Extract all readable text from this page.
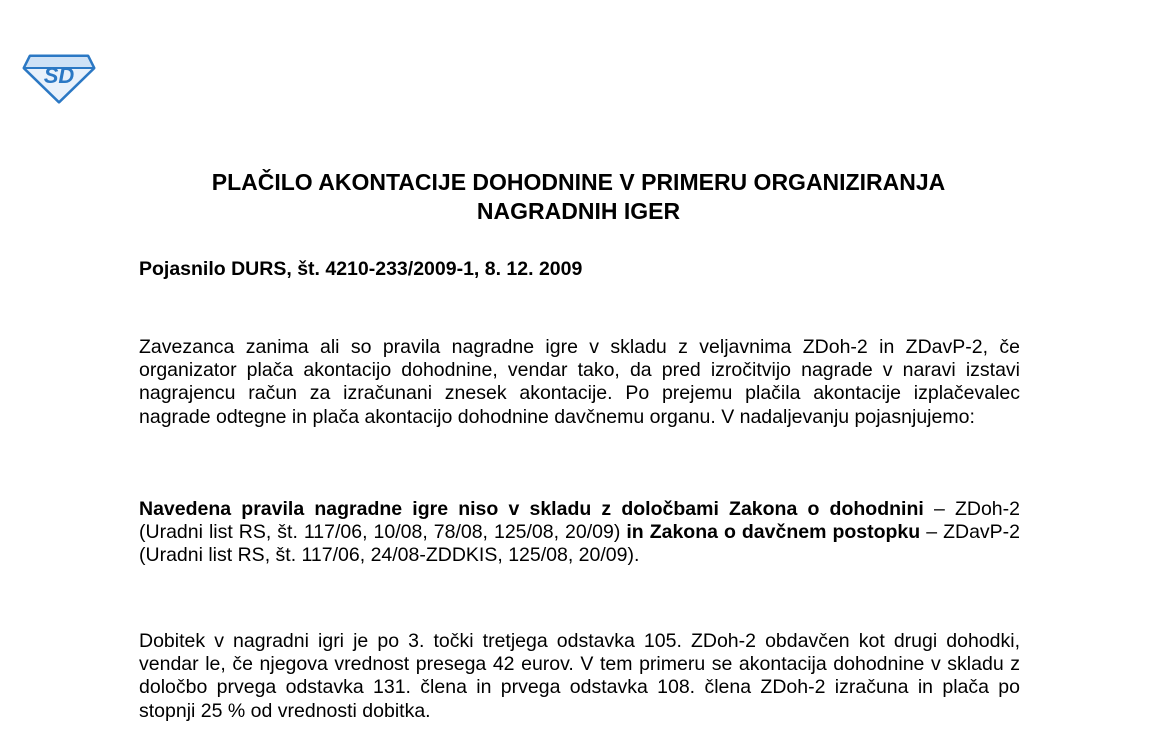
SD
PLAČILO AKONTACIJE DOHODNINE V PRIMERU ORGANIZIRANJA
NAGRADNIH IGER

Pojasnilo DURS, št. 4210-233/2009-1, 8. 12. 2009

Zavezanca zanima ali so pravila nagradne igre v skladu z veljavnima ZDoh-2 in ZDavP-2, če organizator plača akontacijo dohodnine, vendar tako, da pred izročitvijo nagrade v naravi izstavi nagrajencu račun za izračunani znesek akontacije. Po prejemu plačila akontacije izplačevalec nagrade odtegne in plača akontacijo dohodnine davčnemu organu. V nadaljevanju pojasnjujemo:

Navedena pravila nagradne igre niso v skladu z določbami Zakona o dohodnini – ZDoh-2 (Uradni list RS, št. 117/06, 10/08, 78/08, 125/08, 20/09) in Zakona o davčnem postopku – ZDavP-2 (Uradni list RS, št. 117/06, 24/08-ZDDKIS, 125/08, 20/09).

Dobitek v nagradni igri je po 3. točki tretjega odstavka 105. ZDoh-2 obdavčen kot drugi dohodki, vendar le, če njegova vrednost presega 42 eurov. V tem primeru se akontacija dohodnine v skladu z določbo prvega odstavka 131. člena in prvega odstavka 108. člena ZDoh-2 izračuna in plača po stopnji 25 % od vrednosti dobitka.
